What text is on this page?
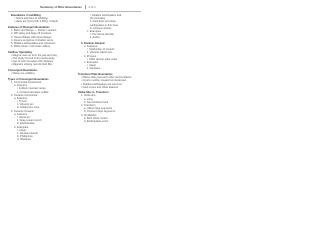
Summary of Rhiz Boundaries 1 of 1
Boundaries of subfilling
• Topics and lines of subfilling
• Ideas are found with 2 filling, 3 depth
Features of Divergent Boundaries
1. Basin and Range — Divide: Location
2. Rift valley and large rift locations
3. Ocean Ridges with Open Ridges
4. Fissure eruptions of shallow vents
5. Shallow earthquakes and volcanoes
6. Pillow lavas / mid ocean valleys
Seafloor Spreading
• Magma rises up from the gap and may
• The newly formed crust moves away
• Age of rock increases with distance
• Magnetic striping records field flips
Convergent Boundaries
• Plates are colliding
Types of Convergent Boundaries
1. Continental-Continental
a. Features
i. Folded mountain range
ii. Continental plates collide
2. Oceanic-Continental
a. Features
i. Trench
ii. Volcanic arc
iii. Subduction zone
3. Oceanic-Oceanic
a. Features
i. Island arc
ii. Deep ocean trench
iii. Earthquakes
b. Examples
i. Japan
ii. Aleutian Islands
iii. Philippines
iv. Marianas
i. Shallow earthquakes and
the boundary
ii. Fault lines and deep
earthquakes in this zone
iii. Volcanic activity
c. Examples
i. The Sierra Nevada
ii. Andes
3. Oceanic-Oceanic
a. Features
i. Subduction of oceanic
ii. Volcanic island arcs
b. Process
i. Older denser plate sinks
c. Examples
i. Japan
ii. Aleutians
Transform Plate Boundaries
• Plates slide past each other as boundaries
• Crust is neither created nor destroyed
• Shallow earthquakes are common
• Fault zones and offset features
Strike-Slip vs. Transform
1. Strike-slip
a. Long
b. San Andreas Fault
2. Transform
a. Offset ridge segments
b. Connect ridge segments
3. Similarities
a. Both shear motion
b. Earthquakes occur
